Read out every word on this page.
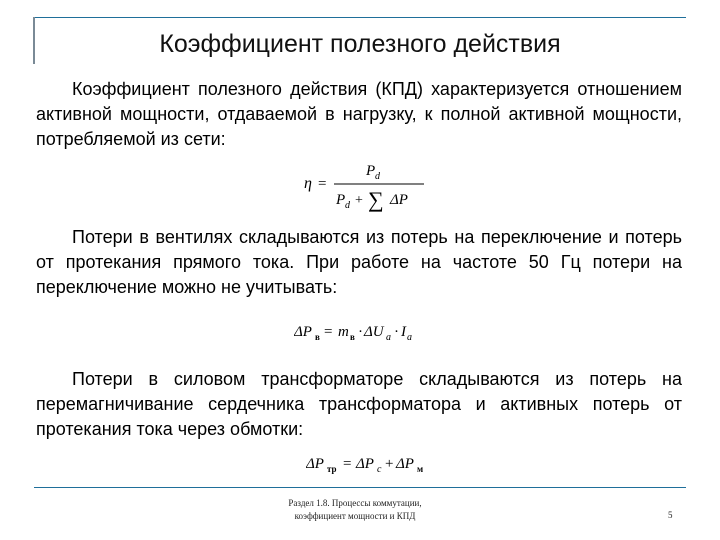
Коэффициент полезного действия

Коэффициент полезного действия (КПД) характеризуется отношением активной мощности, отдаваемой в нагрузку, к полной активной мощности, потребляемой из сети:

η =
P d
P d + ∑ ΔP

Потери в вентилях складываются из потерь на переключение и потерь от протекания прямого тока. При работе на частоте 50 Гц потери на переключение можно не учитывать:

ΔP в = m в · ΔU a · I a

Потери в силовом трансформаторе складываются из потерь на перемагничивание сердечника трансформатора и активных потерь от протекания тока через обмотки:

ΔP тр = ΔP c + ΔP м
Раздел 1.8. Процессы коммутации,
коэффициент мощности и КПД	5
